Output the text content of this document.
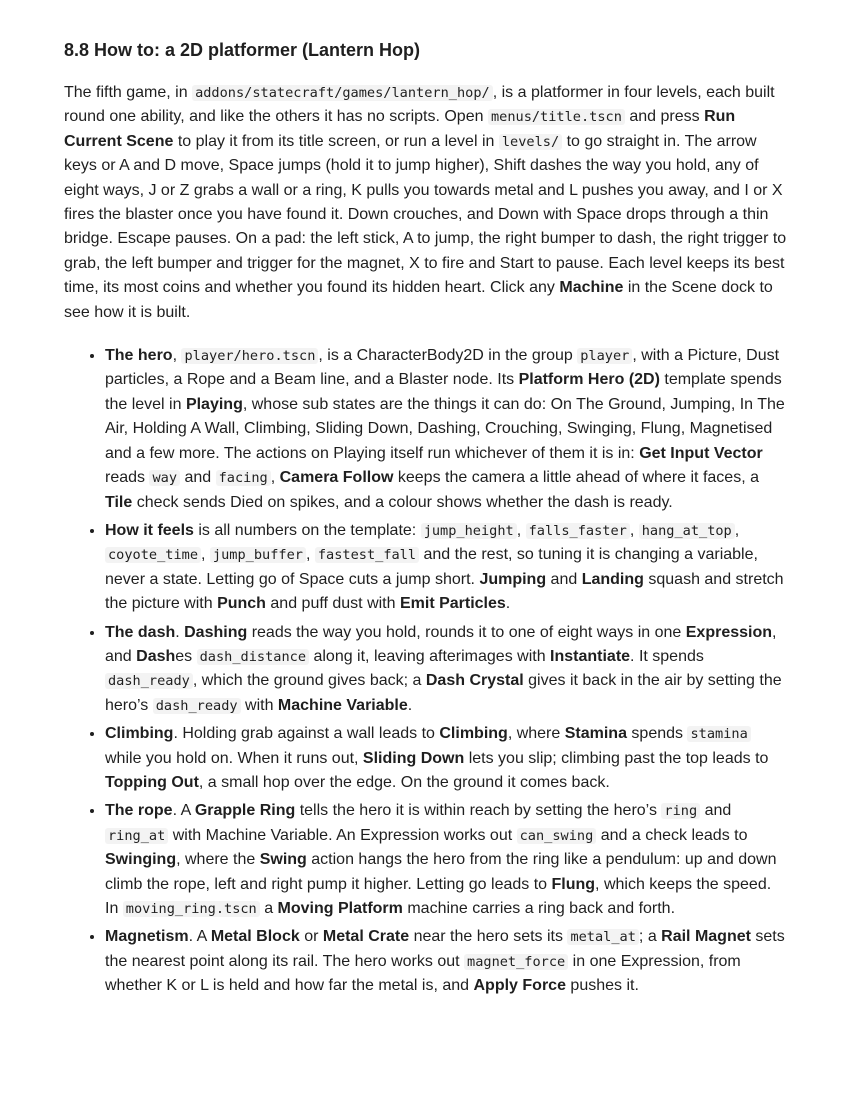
8.8 How to: a 2D platformer (Lantern Hop)

The fifth game, in addons/statecraft/games/lantern_hop/ , is a platformer in four levels, each built round one ability, and like the others it has no scripts. Open menus/title.tscn and press Run Current Scene to play it from its title screen, or run a level in levels/ to go straight in. The arrow keys or A and D move, Space jumps (hold it to jump higher), Shift dashes the way you hold, any of eight ways, J or Z grabs a wall or a ring, K pulls you towards metal and L pushes you away, and I or X fires the blaster once you have found it. Down crouches, and Down with Space drops through a thin bridge. Escape pauses. On a pad: the left stick, A to jump, the right bumper to dash, the right trigger to grab, the left bumper and trigger for the magnet, X to fire and Start to pause. Each level keeps its best time, its most coins and whether you found its hidden heart. Click any Machine in the Scene dock to see how it is built.

• The hero, player/hero.tscn , is a CharacterBody2D in the group player , with a Picture, Dust particles, a Rope and a Beam line, and a Blaster node. Its Platform Hero (2D) template spends the level in Playing, whose sub states are the things it can do: On The Ground, Jumping, In The Air, Holding A Wall, Climbing, Sliding Down, Dashing, Crouching, Swinging, Flung, Magnetised and a few more. The actions on Playing itself run whichever of them it is in: Get Input Vector reads way and facing , Camera Follow keeps the camera a little ahead of where it faces, a Tile check sends Died on spikes, and a colour shows whether the dash is ready.
• How it feels is all numbers on the template: jump_height , falls_faster , hang_at_top , coyote_time , jump_buffer , fastest_fall and the rest, so tuning it is changing a variable, never a state. Letting go of Space cuts a jump short. Jumping and Landing squash and stretch the picture with Punch and puff dust with Emit Particles.
• The dash. Dashing reads the way you hold, rounds it to one of eight ways in one Expression, and Dashes dash_distance along it, leaving afterimages with Instantiate. It spends dash_ready , which the ground gives back; a Dash Crystal gives it back in the air by setting the hero’s dash_ready with Machine Variable.
• Climbing. Holding grab against a wall leads to Climbing, where Stamina spends stamina while you hold on. When it runs out, Sliding Down lets you slip; climbing past the top leads to Topping Out, a small hop over the edge. On the ground it comes back.
• The rope. A Grapple Ring tells the hero it is within reach by setting the hero’s ring and ring_at with Machine Variable. An Expression works out can_swing and a check leads to Swinging, where the Swing action hangs the hero from the ring like a pendulum: up and down climb the rope, left and right pump it higher. Letting go leads to Flung, which keeps the speed. In moving_ring.tscn a Moving Platform machine carries a ring back and forth.
• Magnetism. A Metal Block or Metal Crate near the hero sets its metal_at ; a Rail Magnet sets the nearest point along its rail. The hero works out magnet_force in one Expression, from whether K or L is held and how far the metal is, and Apply Force pushes it.
